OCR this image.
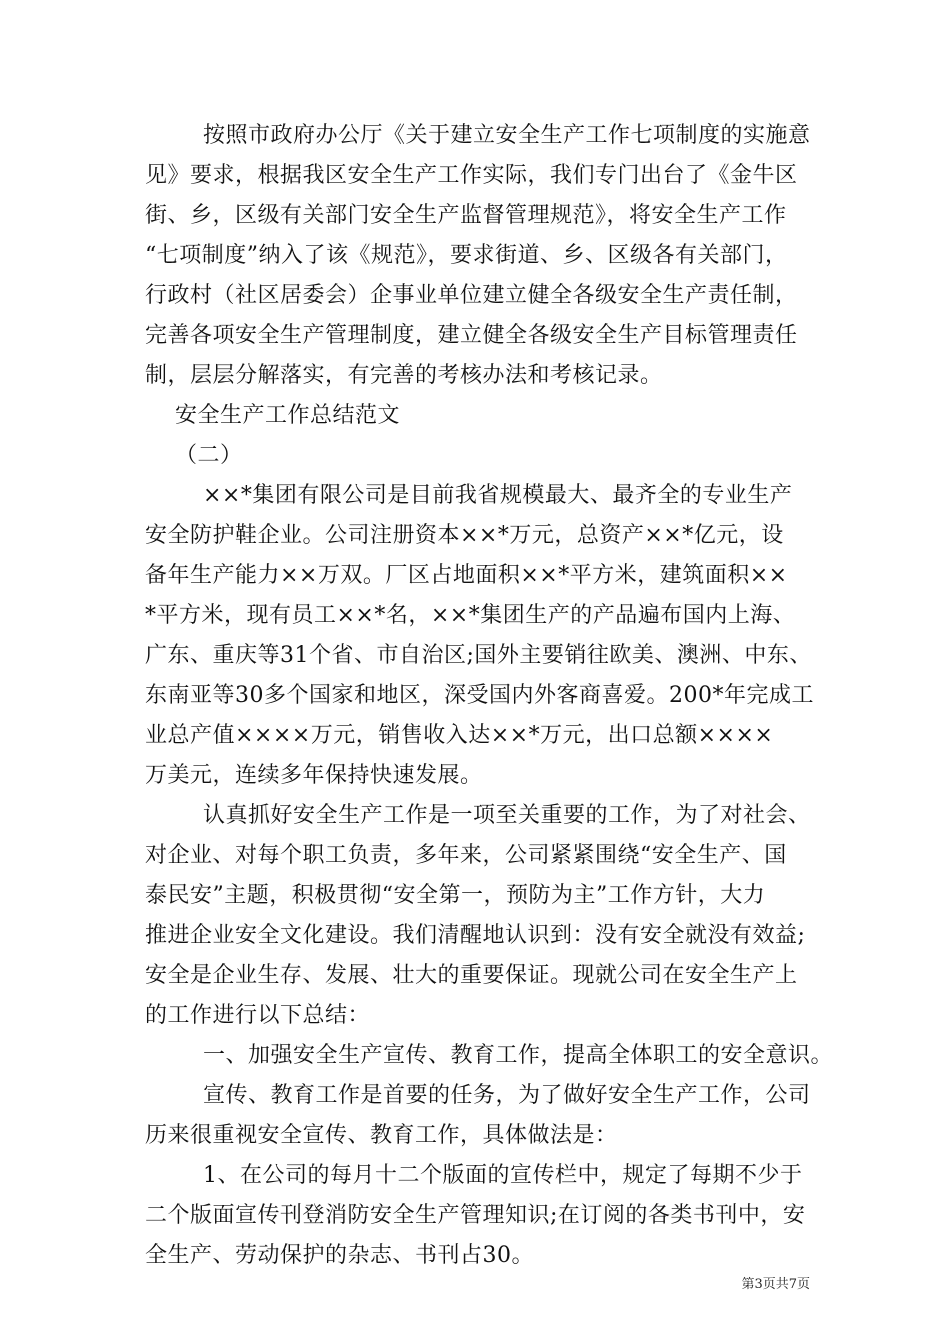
按照市政府办公厅《关于建立安全生产工作七项制度的实施意
见》要求，根据我区安全生产工作实际，我们专门出台了《金牛区
街、乡，区级有关部门安全生产监督管理规范》，将安全生产工作
“七项制度”纳入了该《规范》，要求街道、乡、区级各有关部门，
行政村（社区居委会）企事业单位建立健全各级安全生产责任制，
完善各项安全生产管理制度，建立健全各级安全生产目标管理责任
制，层层分解落实，有完善的考核办法和考核记录。
安全生产工作总结范文
（二）
××*集团有限公司是目前我省规模最大、最齐全的专业生产
安全防护鞋企业。公司注册资本××*万元，总资产××*亿元，设
备年生产能力××万双。厂区占地面积××*平方米，建筑面积××
*平方米，现有员工××*名，××*集团生产的产品遍布国内上海、
广东、重庆等31个省、市自治区;国外主要销往欧美、澳洲、中东、
东南亚等30多个国家和地区，深受国内外客商喜爱。200*年完成工
业总产值××××万元，销售收入达××*万元，出口总额××××
万美元，连续多年保持快速发展。
认真抓好安全生产工作是一项至关重要的工作，为了对社会、
对企业、对每个职工负责，多年来，公司紧紧围绕“安全生产、国
泰民安”主题，积极贯彻“安全第一，预防为主”工作方针，大力
推进企业安全文化建设。我们清醒地认识到：没有安全就没有效益;
安全是企业生存、发展、壮大的重要保证。现就公司在安全生产上
的工作进行以下总结：
一、加强安全生产宣传、教育工作，提高全体职工的安全意识。
宣传、教育工作是首要的任务，为了做好安全生产工作，公司
历来很重视安全宣传、教育工作，具体做法是：
1、在公司的每月十二个版面的宣传栏中，规定了每期不少于
二个版面宣传刊登消防安全生产管理知识;在订阅的各类书刊中，安
全生产、劳动保护的杂志、书刊占30。
第3页共7页
